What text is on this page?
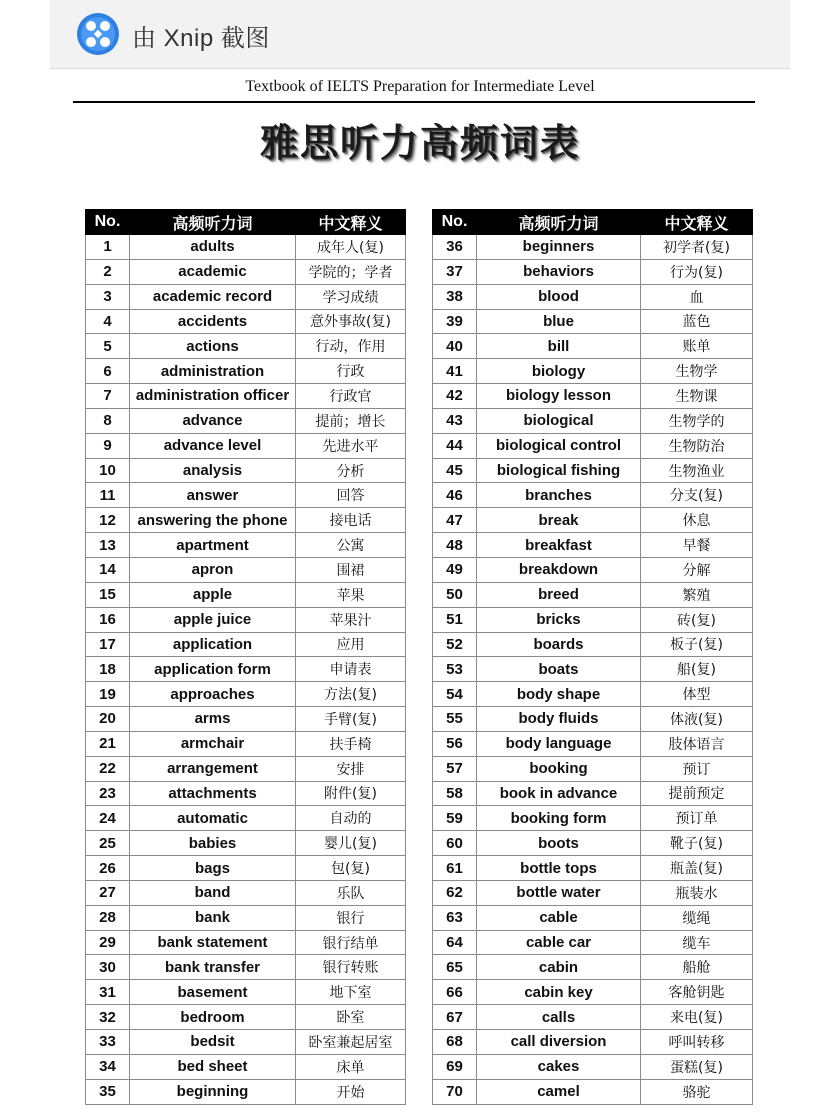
由 Xnip 截图
Textbook of IELTS Preparation for Intermediate Level
雅思听力高频词表
No.	高频听力词	中文释义
1	adults	成年人(复)
2	academic	学院的；学者
3	academic record	学习成绩
4	accidents	意外事故(复)
5	actions	行动，作用
6	administration	行政
7	administration officer	行政官
8	advance	提前；增长
9	advance level	先进水平
10	analysis	分析
11	answer	回答
12	answering the phone	接电话
13	apartment	公寓
14	apron	围裙
15	apple	苹果
16	apple juice	苹果汁
17	application	应用
18	application form	申请表
19	approaches	方法(复)
20	arms	手臂(复)
21	armchair	扶手椅
22	arrangement	安排
23	attachments	附件(复)
24	automatic	自动的
25	babies	婴儿(复)
26	bags	包(复)
27	band	乐队
28	bank	银行
29	bank statement	银行结单
30	bank transfer	银行转账
31	basement	地下室
32	bedroom	卧室
33	bedsit	卧室兼起居室
34	bed sheet	床单
35	beginning	开始
No.	高频听力词	中文释义
36	beginners	初学者(复)
37	behaviors	行为(复)
38	blood	血
39	blue	蓝色
40	bill	账单
41	biology	生物学
42	biology lesson	生物课
43	biological	生物学的
44	biological control	生物防治
45	biological fishing	生物渔业
46	branches	分支(复)
47	break	休息
48	breakfast	早餐
49	breakdown	分解
50	breed	繁殖
51	bricks	砖(复)
52	boards	板子(复)
53	boats	船(复)
54	body shape	体型
55	body fluids	体液(复)
56	body language	肢体语言
57	booking	预订
58	book in advance	提前预定
59	booking form	预订单
60	boots	靴子(复)
61	bottle tops	瓶盖(复)
62	bottle water	瓶装水
63	cable	缆绳
64	cable car	缆车
65	cabin	船舱
66	cabin key	客舱钥匙
67	calls	来电(复)
68	call diversion	呼叫转移
69	cakes	蛋糕(复)
70	camel	骆驼
